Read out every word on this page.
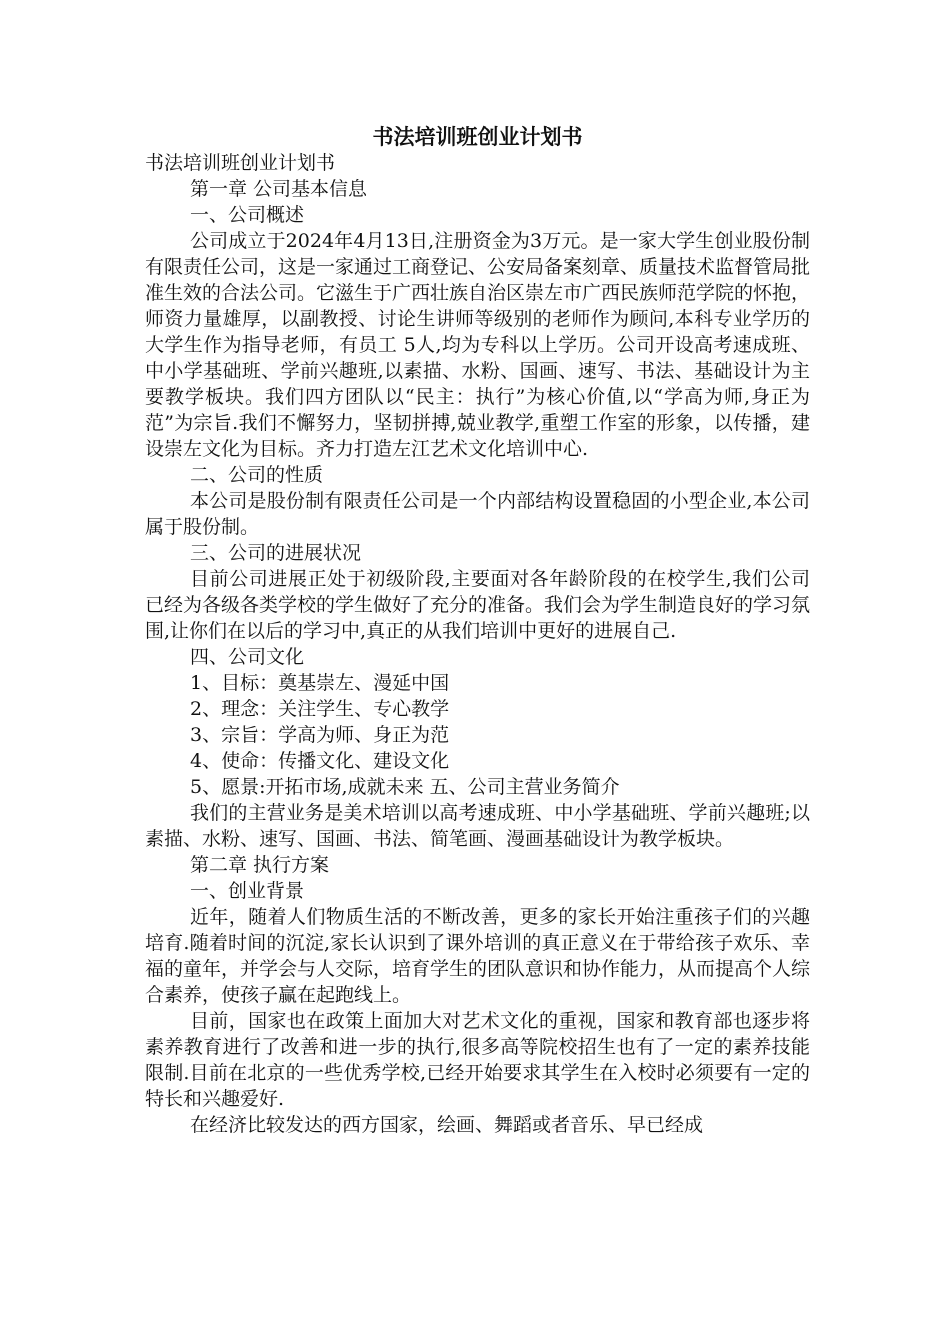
书法培训班创业计划书
书法培训班创业计划书
第一章 公司基本信息
一、公司概述
公司成立于2024年4月13日,注册资金为3万元。是一家大学生创业股份制有限责任公司，这是一家通过工商登记、公安局备案刻章、质量技术监督管局批准生效的合法公司。它滋生于广西壮族自治区崇左市广西民族师范学院的怀抱，师资力量雄厚，以副教授、讨论生讲师等级别的老师作为顾问,本科专业学历的大学生作为指导老师，有员工 5人,均为专科以上学历。公司开设高考速成班、中小学基础班、学前兴趣班,以素描、水粉、国画、速写、书法、基础设计为主要教学板块。我们四方团队以“民主：执行”为核心价值,以“学高为师,身正为范”为宗旨.我们不懈努力，坚韧拼搏,兢业教学,重塑工作室的形象，以传播，建设崇左文化为目标。齐力打造左江艺术文化培训中心.
二、公司的性质
本公司是股份制有限责任公司是一个内部结构设置稳固的小型企业,本公司属于股份制。
三、公司的进展状况
目前公司进展正处于初级阶段,主要面对各年龄阶段的在校学生,我们公司已经为各级各类学校的学生做好了充分的准备。我们会为学生制造良好的学习氛围,让你们在以后的学习中,真正的从我们培训中更好的进展自己.
四、公司文化
1、目标：奠基崇左、漫延中国
2、理念：关注学生、专心教学
3、宗旨：学高为师、身正为范
4、使命：传播文化、建设文化
5、愿景:开拓市场,成就未来 五、公司主营业务简介
我们的主营业务是美术培训以高考速成班、中小学基础班、学前兴趣班;以素描、水粉、速写、国画、书法、简笔画、漫画基础设计为教学板块。
第二章 执行方案
一、创业背景
近年，随着人们物质生活的不断改善，更多的家长开始注重孩子们的兴趣培育.随着时间的沉淀,家长认识到了课外培训的真正意义在于带给孩子欢乐、幸福的童年，并学会与人交际，培育学生的团队意识和协作能力，从而提高个人综合素养，使孩子赢在起跑线上。
目前，国家也在政策上面加大对艺术文化的重视，国家和教育部也逐步将素养教育进行了改善和进一步的执行,很多高等院校招生也有了一定的素养技能限制.目前在北京的一些优秀学校,已经开始要求其学生在入校时必须要有一定的特长和兴趣爱好.
在经济比较发达的西方国家，绘画、舞蹈或者音乐、早已经成
